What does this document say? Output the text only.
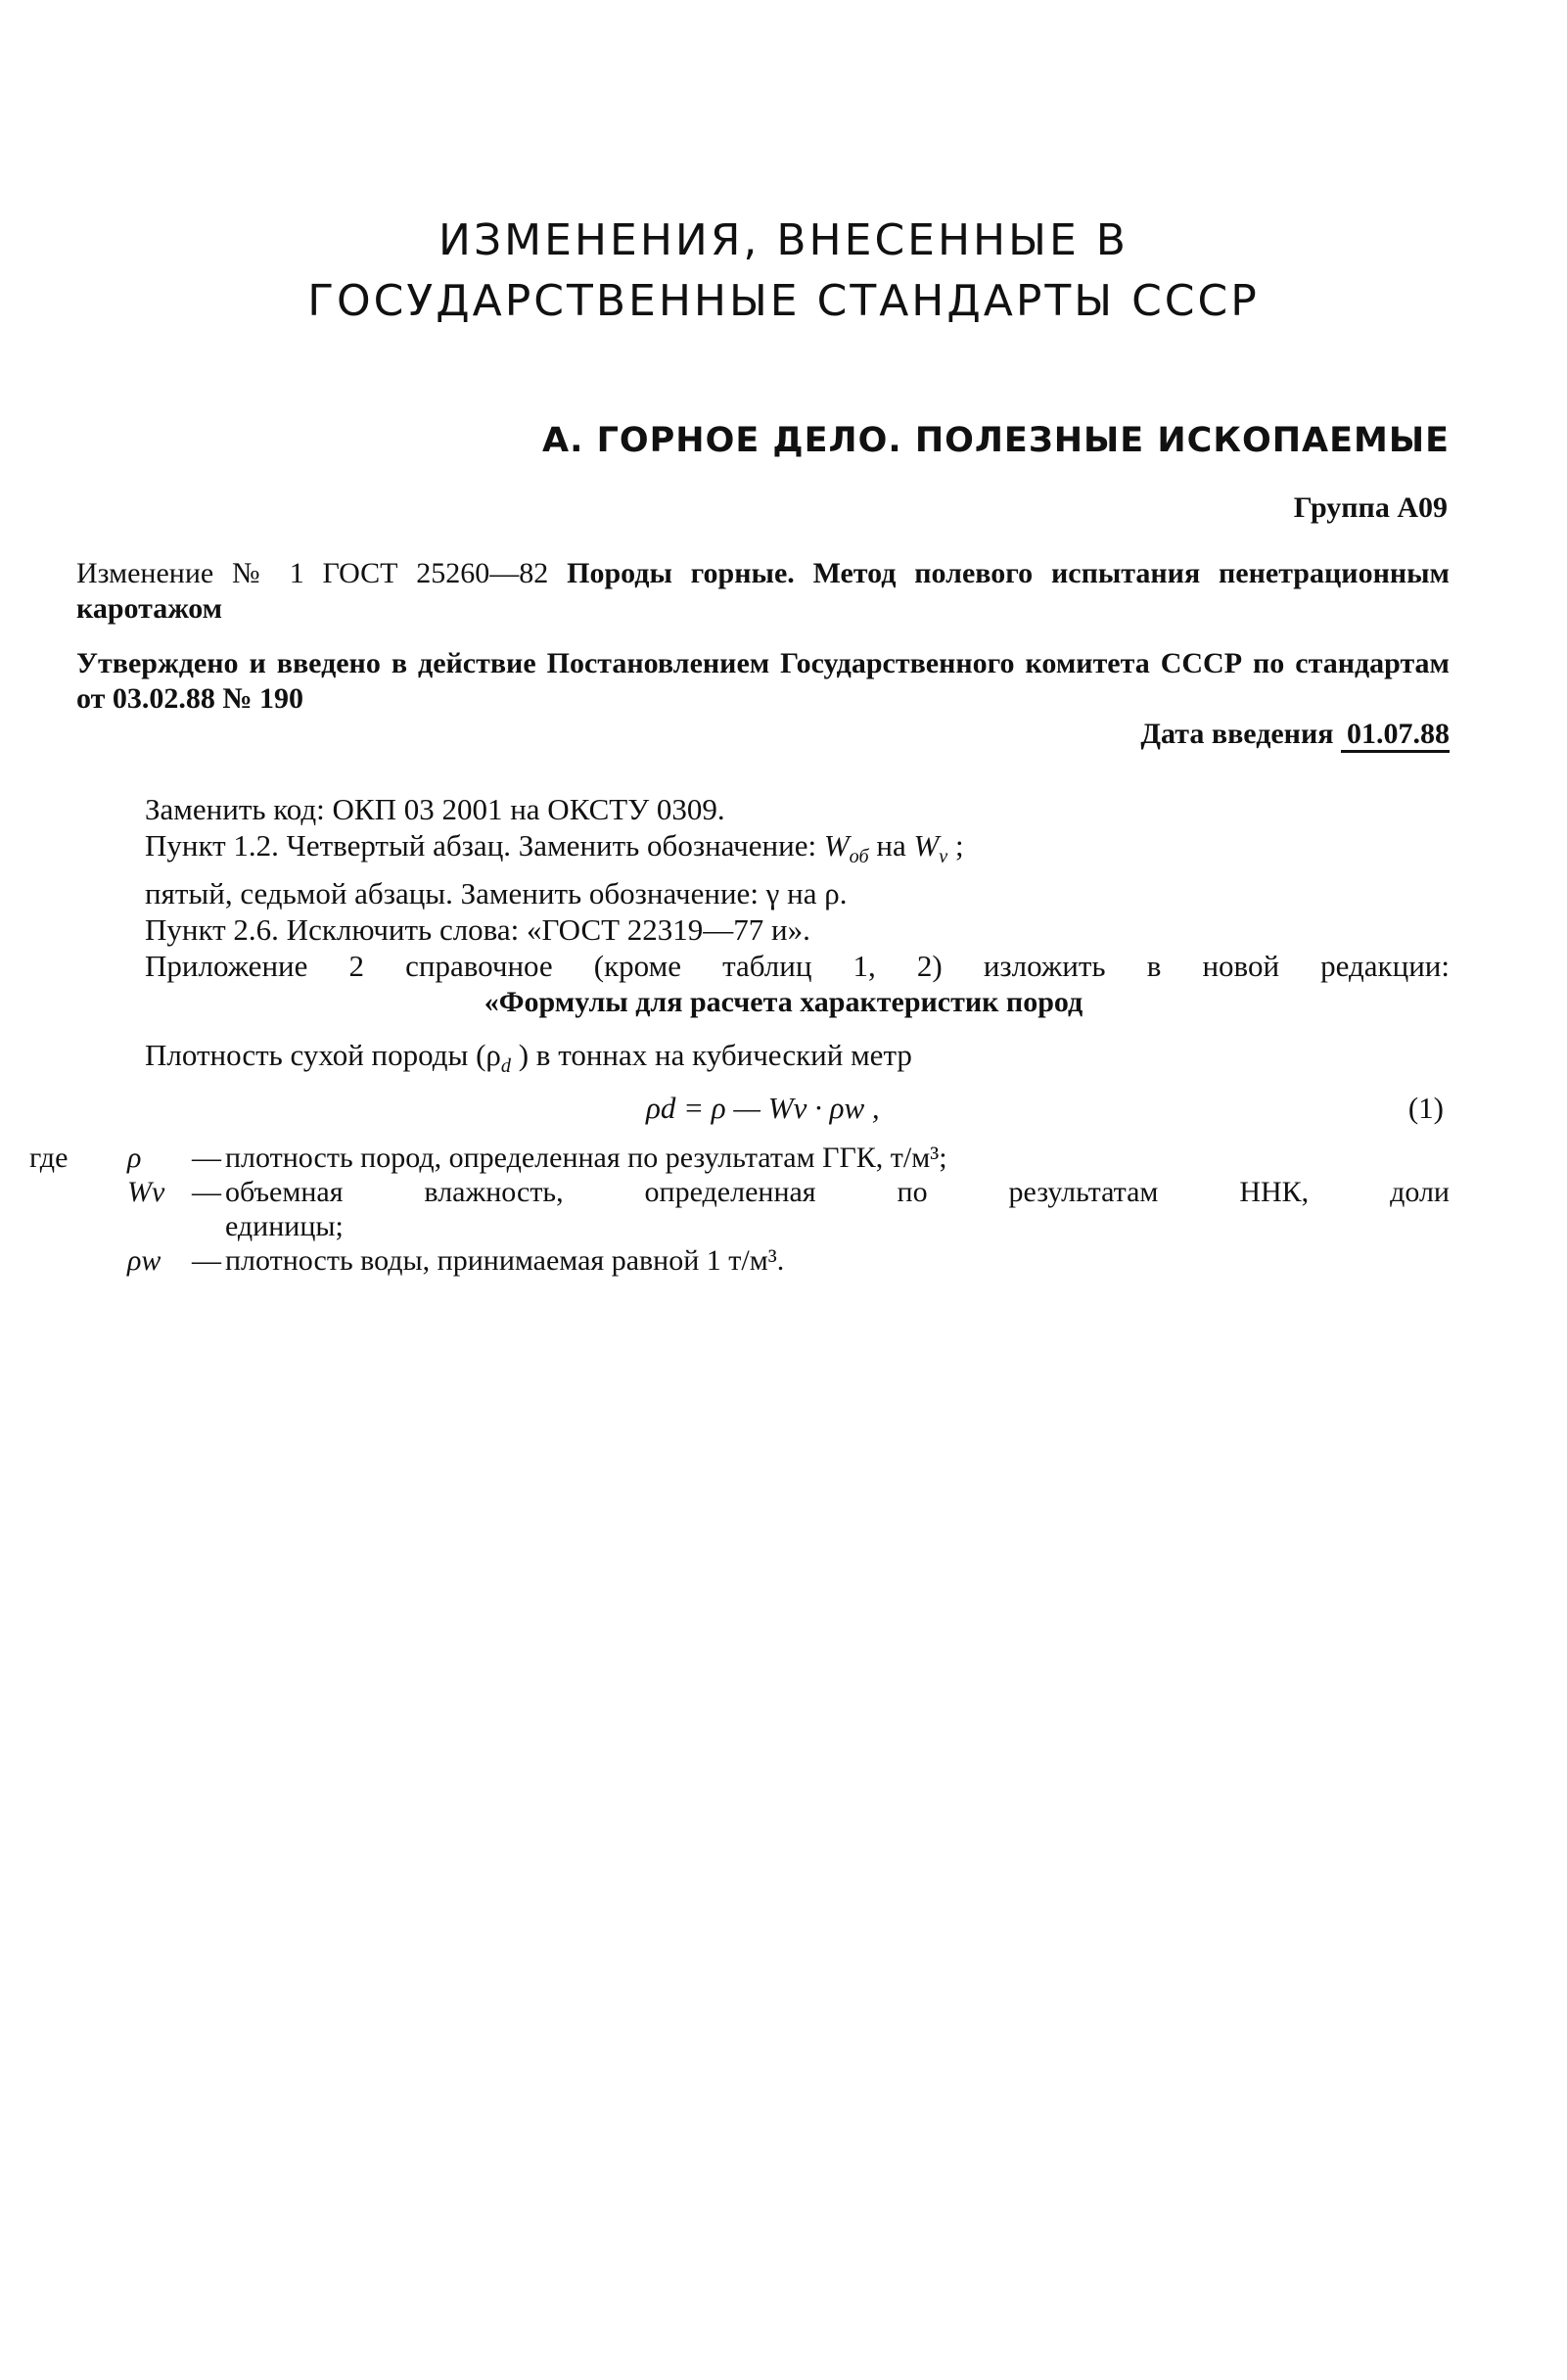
ИЗМЕНЕНИЯ, ВНЕСЕННЫЕ В
ГОСУДАРСТВЕННЫЕ СТАНДАРТЫ СССР
А. ГОРНОЕ ДЕЛО. ПОЛЕЗНЫЕ ИСКОПАЕМЫЕ
Группа А09
Изменение № 1 ГОСТ 25260—82 Породы горные. Метод полевого испытания пенетрационным каротажом
Утверждено и введено в действие Постановлением Государственного комитета СССР по стандартам от 03.02.88 № 190
Дата введения 01.07.88

Заменить код: ОКП 03 2001 на ОКСТУ 0309.

Пункт 1.2. Четвертый абзац. Заменить обозначение: $W_{об}$ на $W_v$ ;

пятый, седьмой абзацы. Заменить обозначение: γ на ρ.

Пункт 2.6. Исключить слова: «ГОСТ 22319—77 и».

Приложение 2 справочное (кроме таблиц 1, 2) изложить в новой редакции:

«Формулы для расчета характеристик пород
Плотность сухой породы ($\rho_d$ ) в тоннах на кубический метр
ρd = ρ — Wv · ρw ,	(1)
где ρ — плотность пород, определенная по результатам ГГК, т/м³;
Wv — объемная влажность, определенная по результатам ННК, доли
единицы;
ρw — плотность воды, принимаемая равной 1 т/м³.
